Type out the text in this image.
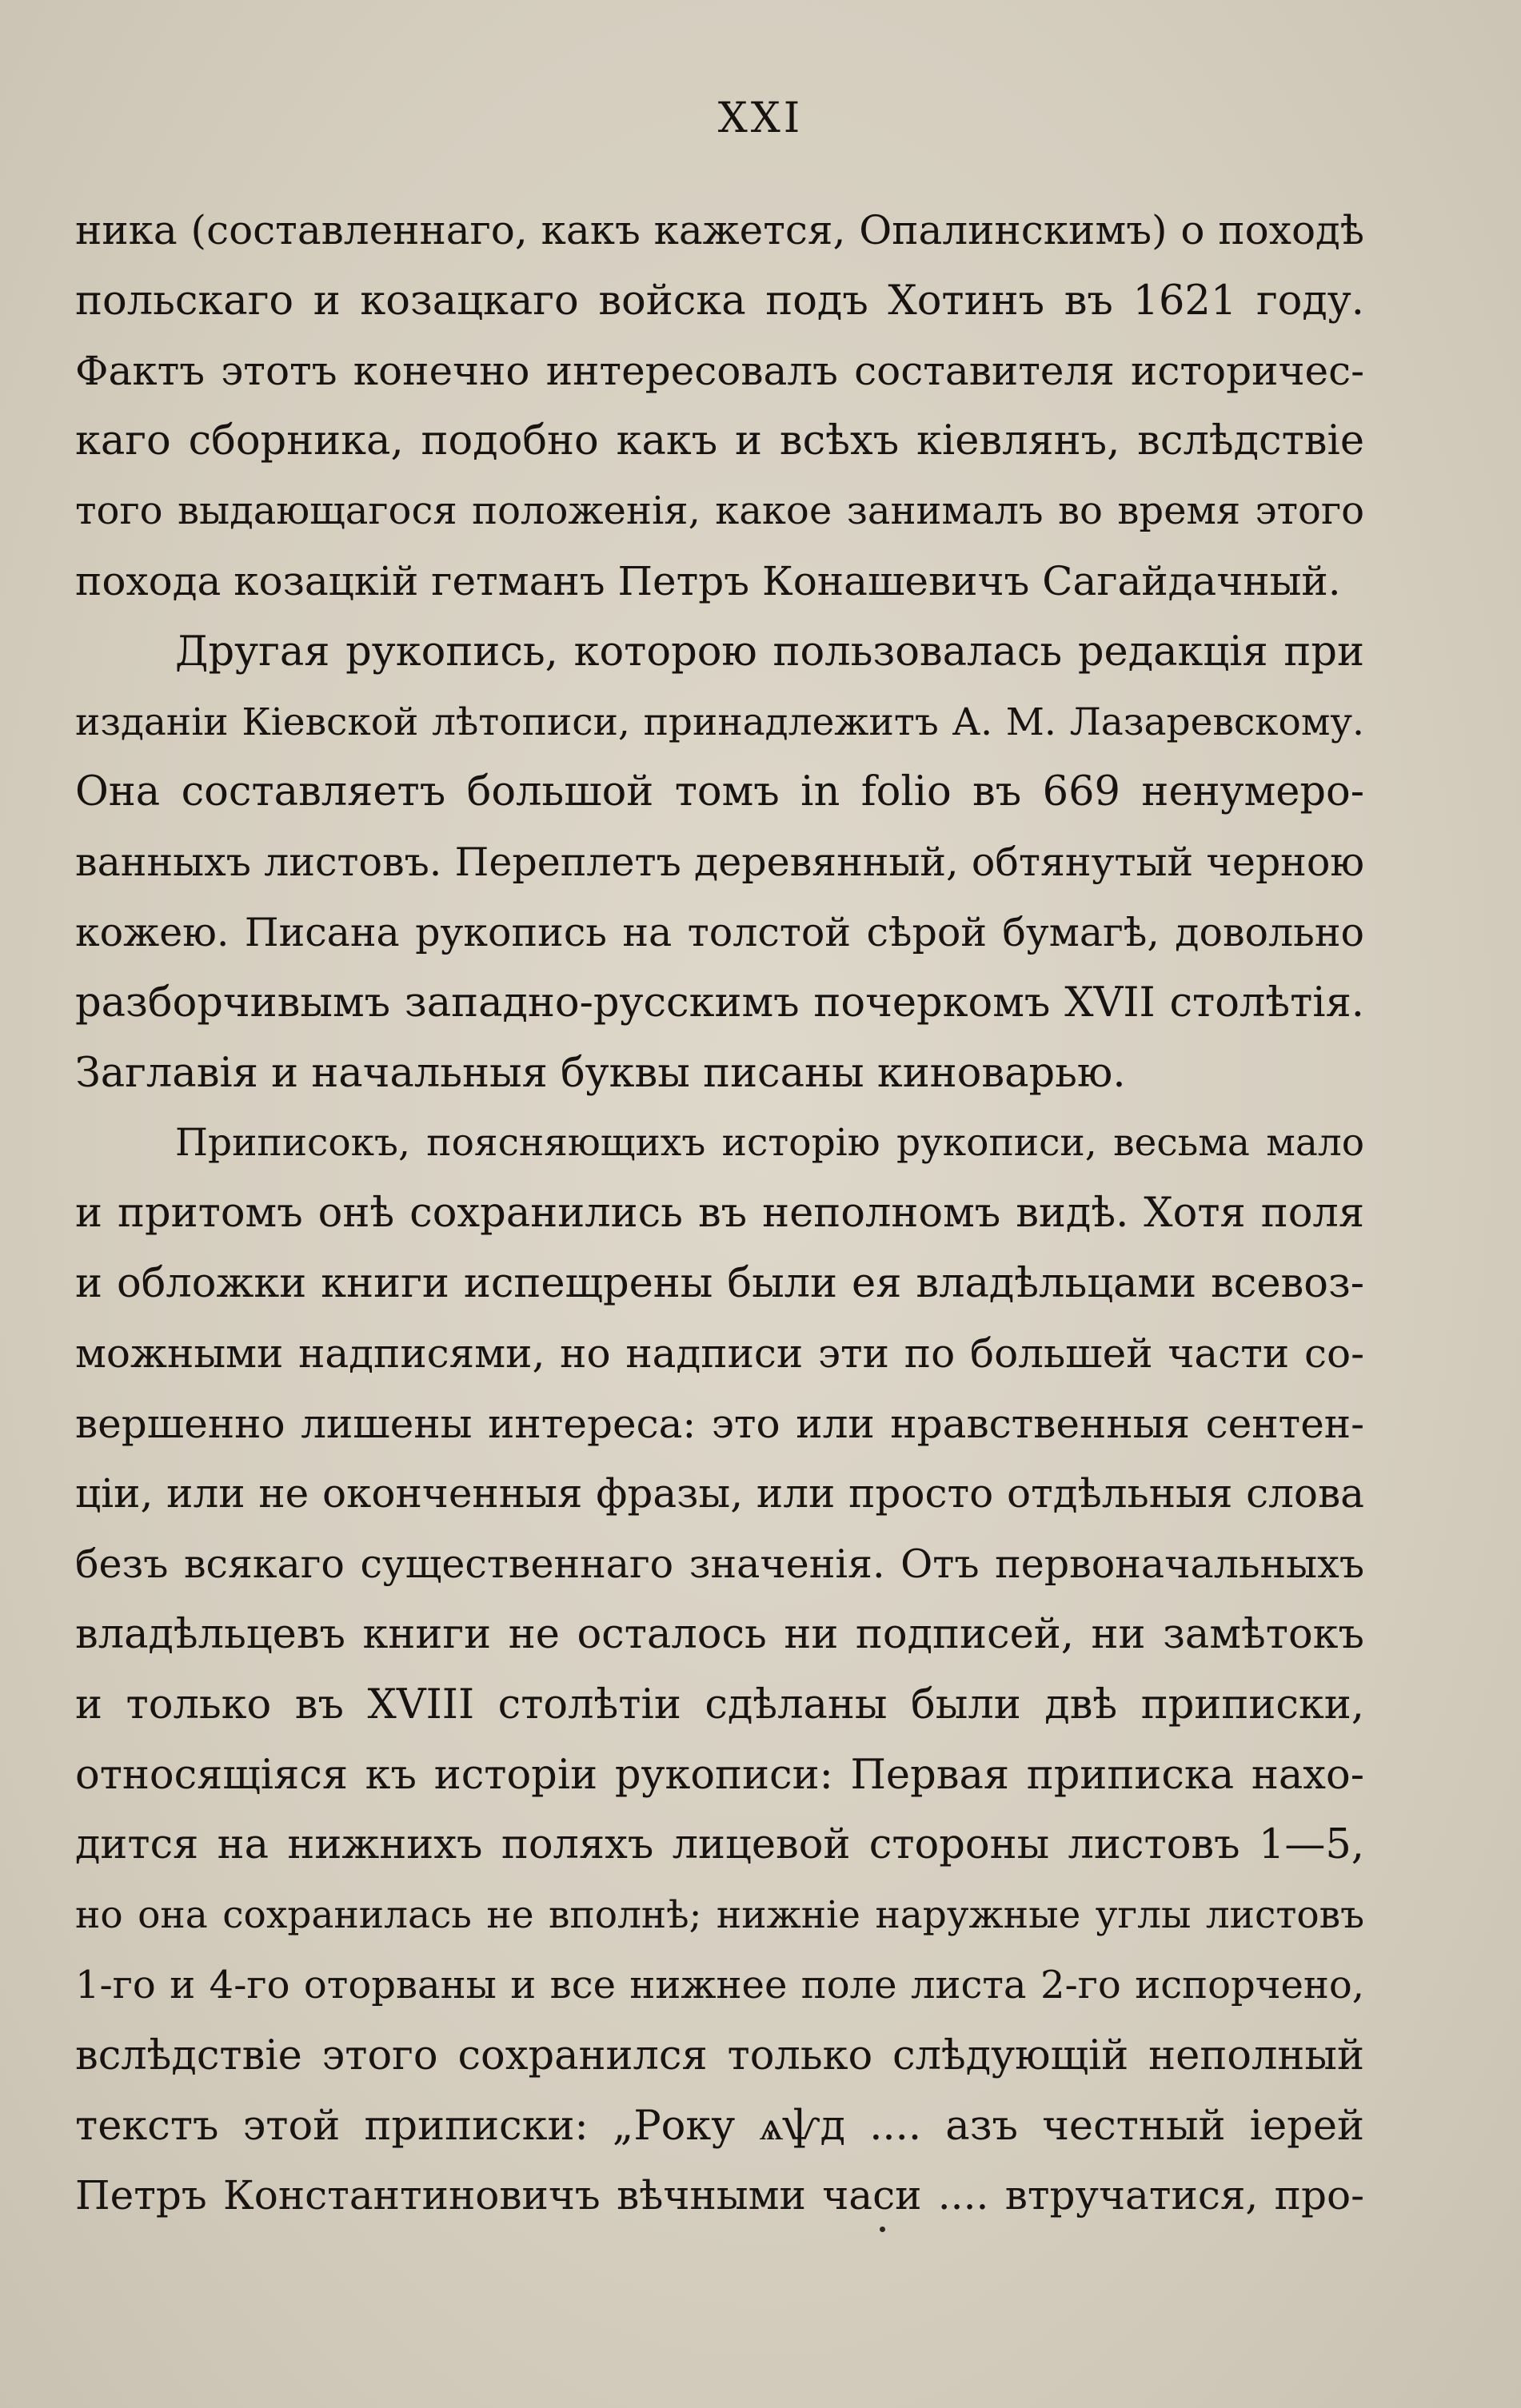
XXI
ника (составленнаго, какъ кажется, Опалинскимъ) о походѣ
польскаго и козацкаго войска подъ Хотинъ въ 1621 году.
Фактъ этотъ конечно интересовалъ составителя историчес-
каго сборника, подобно какъ и всѣхъ кіевлянъ, вслѣдствіе
того выдающагося положенія, какое занималъ во время этого
похода козацкій гетманъ Петръ Конашевичъ Сагайдачный.
Другая рукопись, которою пользовалась редакція при
изданіи Кіевской лѣтописи, принадлежитъ А. М. Лазаревскому.
Она составляетъ большой томъ in folio въ 669 ненумеро-
ванныхъ листовъ. Переплетъ деревянный, обтянутый черною
кожею. Писана рукопись на толстой сѣрой бумагѣ, довольно
разборчивымъ западно-русскимъ почеркомъ XVII столѣтія.
Заглавія и начальныя буквы писаны киноварью.
Приписокъ, поясняющихъ исторію рукописи, весьма мало
и притомъ онѣ сохранились въ неполномъ видѣ. Хотя поля
и обложки книги испещрены были ея владѣльцами всевоз-
можными надписями, но надписи эти по большей части со-
вершенно лишены интереса: это или нравственныя сентен-
ціи, или не оконченныя фразы, или просто отдѣльныя слова
безъ всякаго существеннаго значенія. Отъ первоначальныхъ
владѣльцевъ книги не осталось ни подписей, ни замѣтокъ
и только въ XVIII столѣтіи сдѣланы были двѣ приписки,
относящіяся къ исторіи рукописи: Первая приписка нахо-
дится на нижнихъ поляхъ лицевой стороны листовъ 1—5,
но она сохранилась не вполнѣ; нижніе наружные углы листовъ
1-го и 4-го оторваны и все нижнее поле листа 2-го испорчено,
вслѣдствіе этого сохранился только слѣдующій неполный
текстъ этой приписки: „Року ѧѱд .... азъ честный іерей
Петръ Константиновичъ вѣчными часи .... втручатися, про-
